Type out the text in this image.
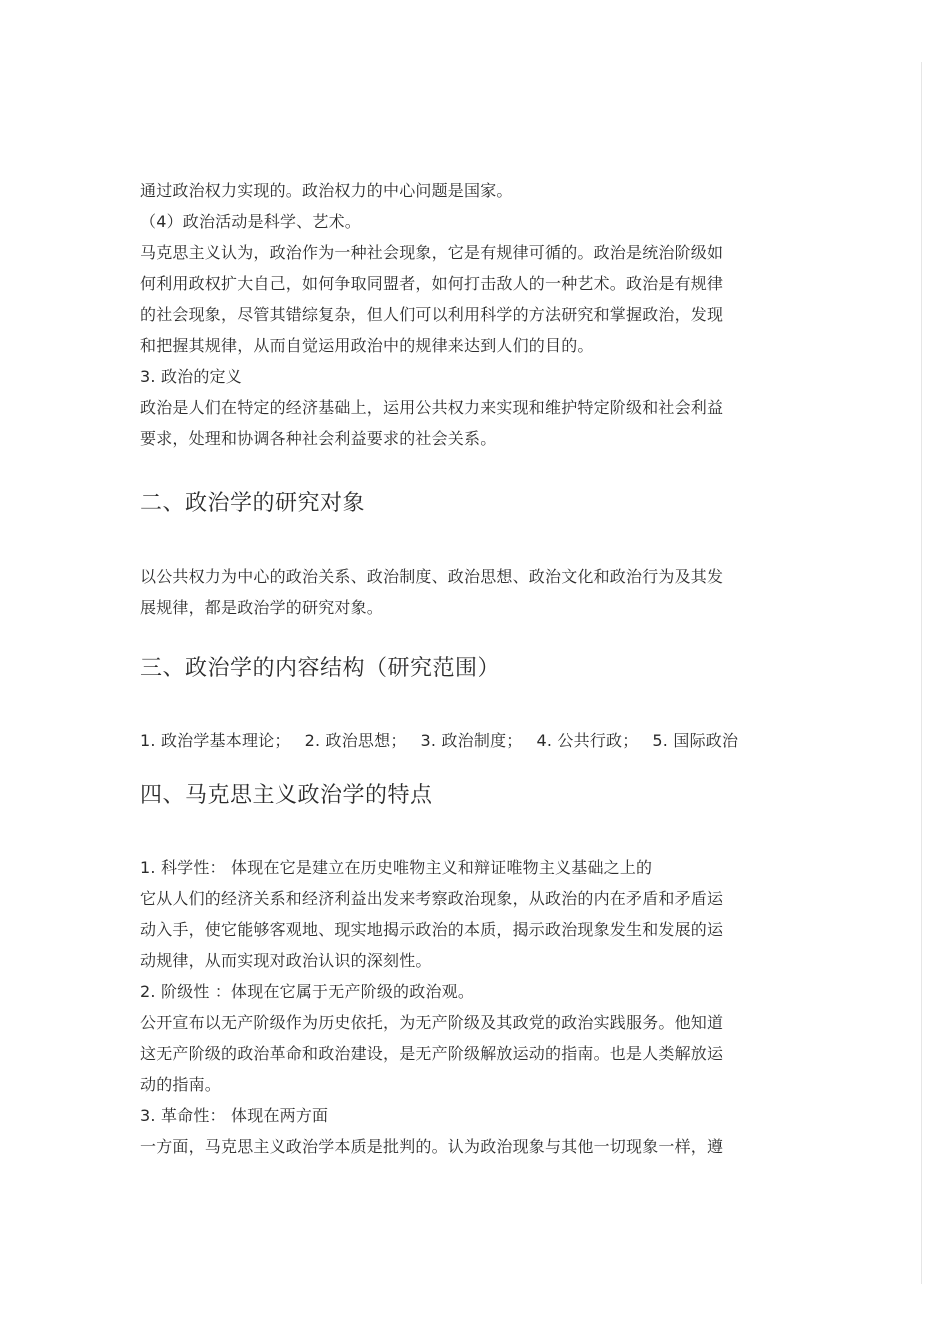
通过政治权力实现的。政治权力的中心问题是国家。
（4）政治活动是科学、艺术。
马克思主义认为，政治作为一种社会现象，它是有规律可循的。政治是统治阶级如
何利用政权扩大自己，如何争取同盟者，如何打击敌人的一种艺术。政治是有规律
的社会现象，尽管其错综复杂，但人们可以利用科学的方法研究和掌握政治，发现
和把握其规律，从而自觉运用政治中的规律来达到人们的目的。
3. 政治的定义
政治是人们在特定的经济基础上，运用公共权力来实现和维护特定阶级和社会利益
要求，处理和协调各种社会利益要求的社会关系。
二、政治学的研究对象
以公共权力为中心的政治关系、政治制度、政治思想、政治文化和政治行为及其发
展规律，都是政治学的研究对象。
三、政治学的内容结构（研究范围）
1. 政治学基本理论； 2. 政治思想； 3. 政治制度； 4. 公共行政； 5. 国际政治
四、马克思主义政治学的特点
1. 科学性： 体现在它是建立在历史唯物主义和辩证唯物主义基础之上的
它从人们的经济关系和经济利益出发来考察政治现象，从政治的内在矛盾和矛盾运
动入手，使它能够客观地、现实地揭示政治的本质，揭示政治现象发生和发展的运
动规律，从而实现对政治认识的深刻性。
2. 阶级性 ：体现在它属于无产阶级的政治观。
公开宣布以无产阶级作为历史依托，为无产阶级及其政党的政治实践服务。他知道
这无产阶级的政治革命和政治建设，是无产阶级解放运动的指南。也是人类解放运
动的指南。
3. 革命性： 体现在两方面
一方面，马克思主义政治学本质是批判的。认为政治现象与其他一切现象一样，遵
